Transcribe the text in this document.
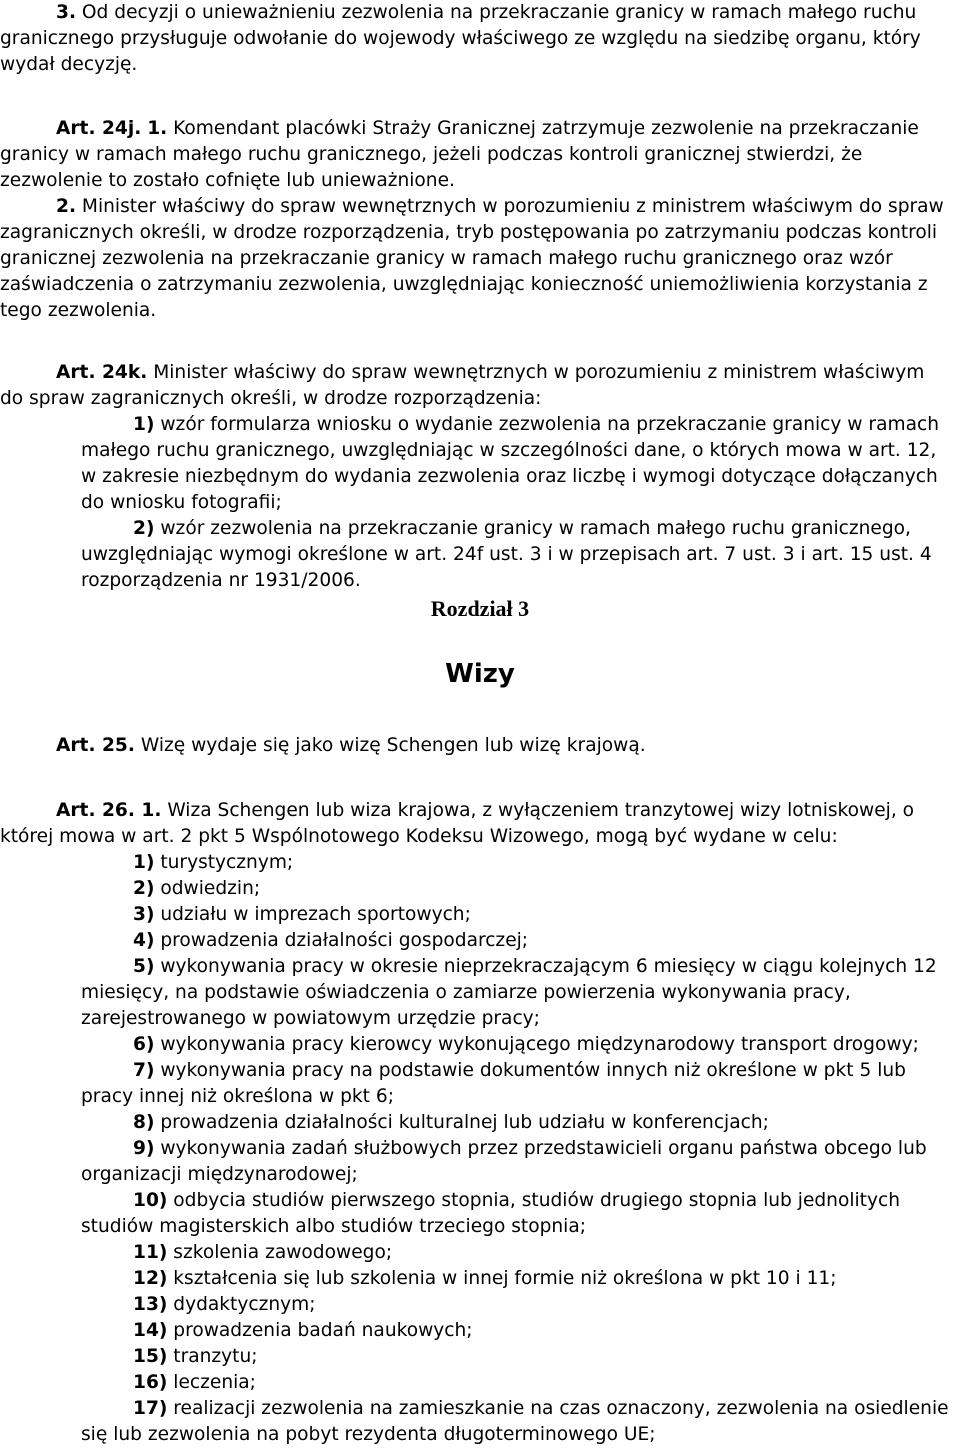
3. Od decyzji o unieważnieniu zezwolenia na przekraczanie granicy w ramach małego ruchu
granicznego przysługuje odwołanie do wojewody właściwego ze względu na siedzibę organu, który
wydał decyzję.
Art. 24j. 1. Komendant placówki Straży Granicznej zatrzymuje zezwolenie na przekraczanie
granicy w ramach małego ruchu granicznego, jeżeli podczas kontroli granicznej stwierdzi, że
zezwolenie to zostało cofnięte lub unieważnione.
2. Minister właściwy do spraw wewnętrznych w porozumieniu z ministrem właściwym do spraw
zagranicznych określi, w drodze rozporządzenia, tryb postępowania po zatrzymaniu podczas kontroli
granicznej zezwolenia na przekraczanie granicy w ramach małego ruchu granicznego oraz wzór
zaświadczenia o zatrzymaniu zezwolenia, uwzględniając konieczność uniemożliwienia korzystania z
tego zezwolenia.
Art. 24k. Minister właściwy do spraw wewnętrznych w porozumieniu z ministrem właściwym
do spraw zagranicznych określi, w drodze rozporządzenia:
1) wzór formularza wniosku o wydanie zezwolenia na przekraczanie granicy w ramach
małego ruchu granicznego, uwzględniając w szczególności dane, o których mowa w art. 12,
w zakresie niezbędnym do wydania zezwolenia oraz liczbę i wymogi dotyczące dołączanych
do wniosku fotografii;
2) wzór zezwolenia na przekraczanie granicy w ramach małego ruchu granicznego,
uwzględniając wymogi określone w art. 24f ust. 3 i w przepisach art. 7 ust. 3 i art. 15 ust. 4
rozporządzenia nr 1931/2006.
Rozdział 3
Wizy
Art. 25. Wizę wydaje się jako wizę Schengen lub wizę krajową.
Art. 26. 1. Wiza Schengen lub wiza krajowa, z wyłączeniem tranzytowej wizy lotniskowej, o
której mowa w art. 2 pkt 5 Wspólnotowego Kodeksu Wizowego, mogą być wydane w celu:
1) turystycznym;
2) odwiedzin;
3) udziału w imprezach sportowych;
4) prowadzenia działalności gospodarczej;
5) wykonywania pracy w okresie nieprzekraczającym 6 miesięcy w ciągu kolejnych 12
miesięcy, na podstawie oświadczenia o zamiarze powierzenia wykonywania pracy,
zarejestrowanego w powiatowym urzędzie pracy;
6) wykonywania pracy kierowcy wykonującego międzynarodowy transport drogowy;
7) wykonywania pracy na podstawie dokumentów innych niż określone w pkt 5 lub
pracy innej niż określona w pkt 6;
8) prowadzenia działalności kulturalnej lub udziału w konferencjach;
9) wykonywania zadań służbowych przez przedstawicieli organu państwa obcego lub
organizacji międzynarodowej;
10) odbycia studiów pierwszego stopnia, studiów drugiego stopnia lub jednolitych
studiów magisterskich albo studiów trzeciego stopnia;
11) szkolenia zawodowego;
12) kształcenia się lub szkolenia w innej formie niż określona w pkt 10 i 11;
13) dydaktycznym;
14) prowadzenia badań naukowych;
15) tranzytu;
16) leczenia;
17) realizacji zezwolenia na zamieszkanie na czas oznaczony, zezwolenia na osiedlenie
się lub zezwolenia na pobyt rezydenta długoterminowego UE;
